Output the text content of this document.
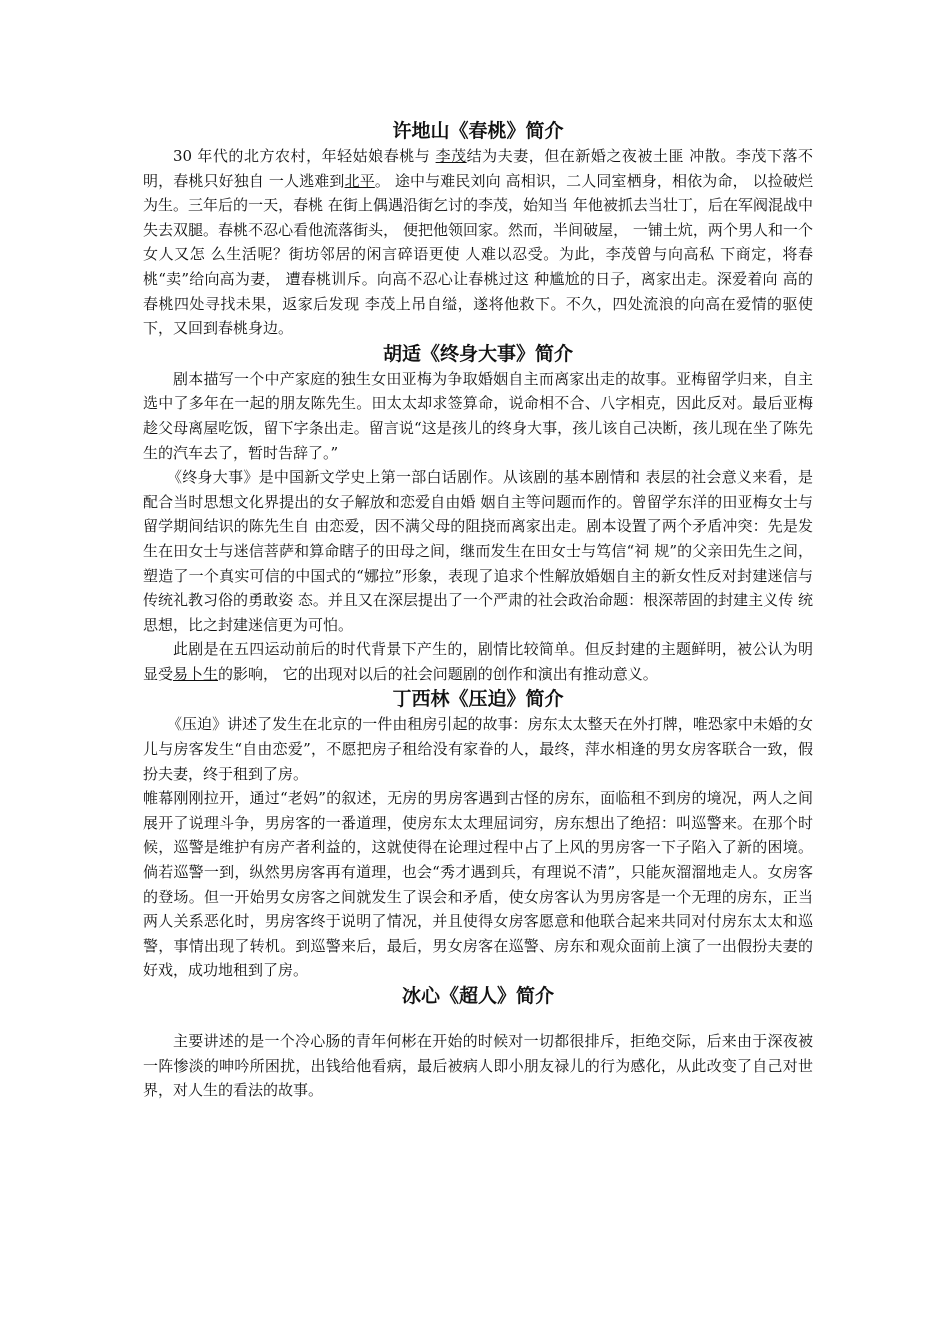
许地山《春桃》简介

30 年代的北方农村，年轻姑娘春桃与 李茂结为夫妻，但在新婚之夜被土匪 冲散。李茂下落不明，春桃只好独自 一人逃难到北平。 途中与难民刘向 高相识，二人同室栖身，相依为命， 以捡破烂为生。三年后的一天，春桃 在街上偶遇沿街乞讨的李茂，始知当 年他被抓去当壮丁，后在军阀混战中 失去双腿。春桃不忍心看他流落街头， 便把他领回家。然而，半间破屋， 一铺土炕，两个男人和一个女人又怎 么生活呢？街坊邻居的闲言碎语更使 人难以忍受。为此，李茂曾与向高私 下商定，将春桃“卖”给向高为妻， 遭春桃训斥。向高不忍心让春桃过这 种尴尬的日子，离家出走。深爱着向 高的春桃四处寻找未果，返家后发现 李茂上吊自缢，遂将他救下。不久，四处流浪的向高在爱情的驱使下，又回到春桃身边。

胡适《终身大事》简介

剧本描写一个中产家庭的独生女田亚梅为争取婚姻自主而离家出走的故事。亚梅留学归来，自主选中了多年在一起的朋友陈先生。田太太却求签算命，说命相不合、八字相克，因此反对。最后亚梅趁父母离屋吃饭，留下字条出走。留言说“这是孩儿的终身大事，孩儿该自己决断，孩儿现在坐了陈先生的汽车去了，暂时告辞了。”

《终身大事》是中国新文学史上第一部白话剧作。从该剧的基本剧情和 表层的社会意义来看，是配合当时思想文化界提出的女子解放和恋爱自由婚 姻自主等问题而作的。曾留学东洋的田亚梅女士与留学期间结识的陈先生自 由恋爱，因不满父母的阻挠而离家出走。剧本设置了两个矛盾冲突：先是发 生在田女士与迷信菩萨和算命瞎子的田母之间，继而发生在田女士与笃信“祠 规”的父亲田先生之间，塑造了一个真实可信的中国式的“娜拉”形象，表现了追求个性解放婚姻自主的新女性反对封建迷信与传统礼教习俗的勇敢姿 态。并且又在深层提出了一个严肃的社会政治命题：根深蒂固的封建主义传 统思想，比之封建迷信更为可怕。

此剧是在五四运动前后的时代背景下产生的，剧情比较简单。但反封建的主题鲜明，被公认为明显受易卜生的影响， 它的出现对以后的社会问题剧的创作和演出有推动意义。

丁西林《压迫》简介

《压迫》讲述了发生在北京的一件由租房引起的故事：房东太太整天在外打牌，唯恐家中未婚的女儿与房客发生“自由恋爱”，不愿把房子租给没有家眷的人，最终，萍水相逢的男女房客联合一致，假扮夫妻，终于租到了房。

帷幕刚刚拉开，通过“老妈”的叙述，无房的男房客遇到古怪的房东，面临租不到房的境况，两人之间展开了说理斗争，男房客的一番道理，使房东太太理屈词穷，房东想出了绝招：叫巡警来。在那个时候，巡警是维护有房产者利益的，这就使得在论理过程中占了上风的男房客一下子陷入了新的困境。倘若巡警一到，纵然男房客再有道理，也会“秀才遇到兵，有理说不清”，只能灰溜溜地走人。女房客的登场。但一开始男女房客之间就发生了误会和矛盾，使女房客认为男房客是一个无理的房东，正当两人关系恶化时，男房客终于说明了情况，并且使得女房客愿意和他联合起来共同对付房东太太和巡警，事情出现了转机。到巡警来后，最后，男女房客在巡警、房东和观众面前上演了一出假扮夫妻的好戏，成功地租到了房。

冰心《超人》简介

主要讲述的是一个冷心肠的青年何彬在开始的时候对一切都很排斥，拒绝交际，后来由于深夜被一阵惨淡的呻吟所困扰，出钱给他看病，最后被病人即小朋友禄儿的行为感化，从此改变了自己对世界，对人生的看法的故事。
